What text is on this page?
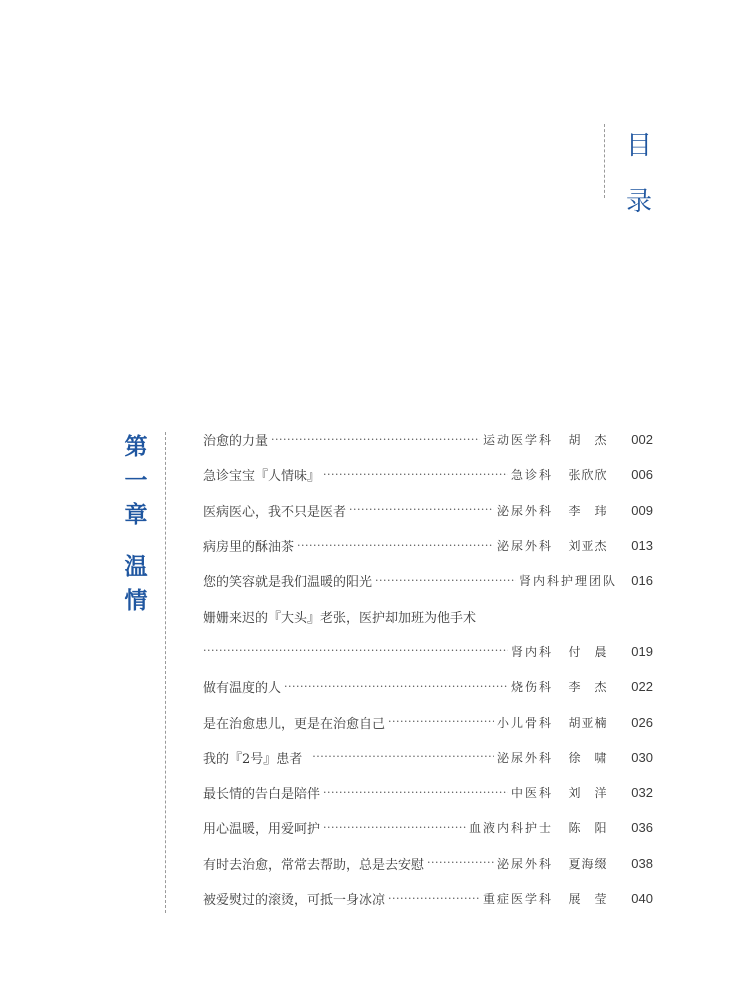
目
录
第
一
章
温
情
治愈的力量 ·····	运动医学科	胡　杰	002
急诊宝宝『人情味』 ·····	急诊科	张欣欣	006
医病医心，我不只是医者 ·····	泌尿外科	李　玮	009
病房里的酥油茶 ·····	泌尿外科	刘亚杰	013
您的笑容就是我们温暖的阳光 ·····	肾内科护理团队	016
姗姗来迟的『大头』老张，医护却加班为他手术
·····
肾内科	付　晨	019
做有温度的人 ·····	烧伤科	李　杰	022
是在治愈患儿，更是在治愈自己 ·····	小儿骨科	胡亚楠	026
我的『2号』患者 ·····	泌尿外科	徐　啸	030
最长情的告白是陪伴 ·····	中医科	刘　洋	032
用心温暖，用爱呵护 ·····	血液内科护士	陈　阳	036
有时去治愈，常常去帮助，总是去安慰 ·····	泌尿外科	夏海缀	038
被爱熨过的滚烫，可抵一身冰凉 ·····	重症医学科	展　莹	040
